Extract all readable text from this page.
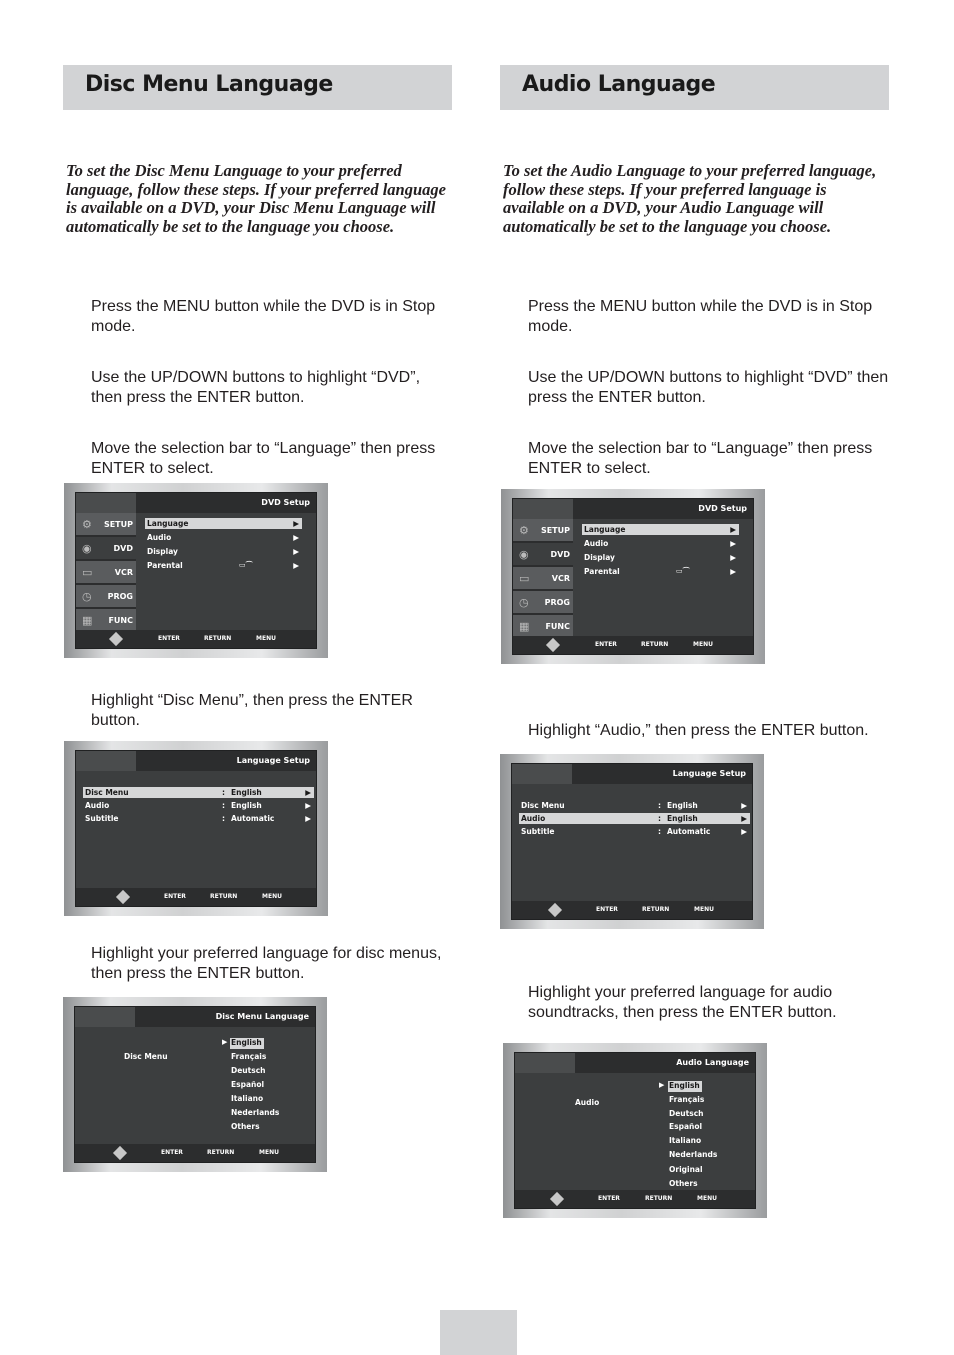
Disc Menu Language

To set the Disc Menu Language to your preferred language, follow these steps. If your preferred language is available on a DVD, your Disc Menu Language will automatically be set to the language you choose.

Press the MENU button while the DVD is in Stop mode.

Use the UP/DOWN buttons to highlight “DVD”, then press the ENTER button.

Move the selection bar to “Language” then press ENTER to select.

DVD Setup
⚙ SETUP
◉	DVD
▭	VCR
◷ PROG
▦ FUNC
Language	▶
Audio	▶
Display	▶
Parental	▭⌒	▶
ENTER	RETURN	MENU

Highlight “Disc Menu”, then press the ENTER button.

Language Setup
Disc Menu	: English	▶
Audio	: English	▶
Subtitle	: Automatic	▶
ENTER	RETURN	MENU

Highlight your preferred language for disc menus, then press the ENTER button.

Disc Menu Language
Disc Menu
▶ English
Français
Deutsch
Español
Italiano
Nederlands
Others
ENTER	RETURN	MENU
Audio Language

To set the Audio Language to your preferred language, follow these steps. If your preferred language is available on a DVD, your Audio Language will automatically be set to the language you choose.

Press the MENU button while the DVD is in Stop mode.

Use the UP/DOWN buttons to highlight “DVD” then press the ENTER button.

Move the selection bar to “Language” then press ENTER to select.

DVD Setup
⚙ SETUP
◉	DVD
▭	VCR
◷ PROG
▦ FUNC
Language	▶
Audio	▶
Display	▶
Parental	▭⌒	▶
ENTER	RETURN	MENU

Highlight “Audio,” then press the ENTER button.

Language Setup
Disc Menu	: English	▶
Audio	: English	▶
Subtitle	: Automatic	▶
ENTER	RETURN	MENU

Highlight your preferred language for audio soundtracks, then press the ENTER button.

Audio Language
Audio
▶ English
Français
Deutsch
Español
Italiano
Nederlands
Original
Others
ENTER	RETURN	MENU
